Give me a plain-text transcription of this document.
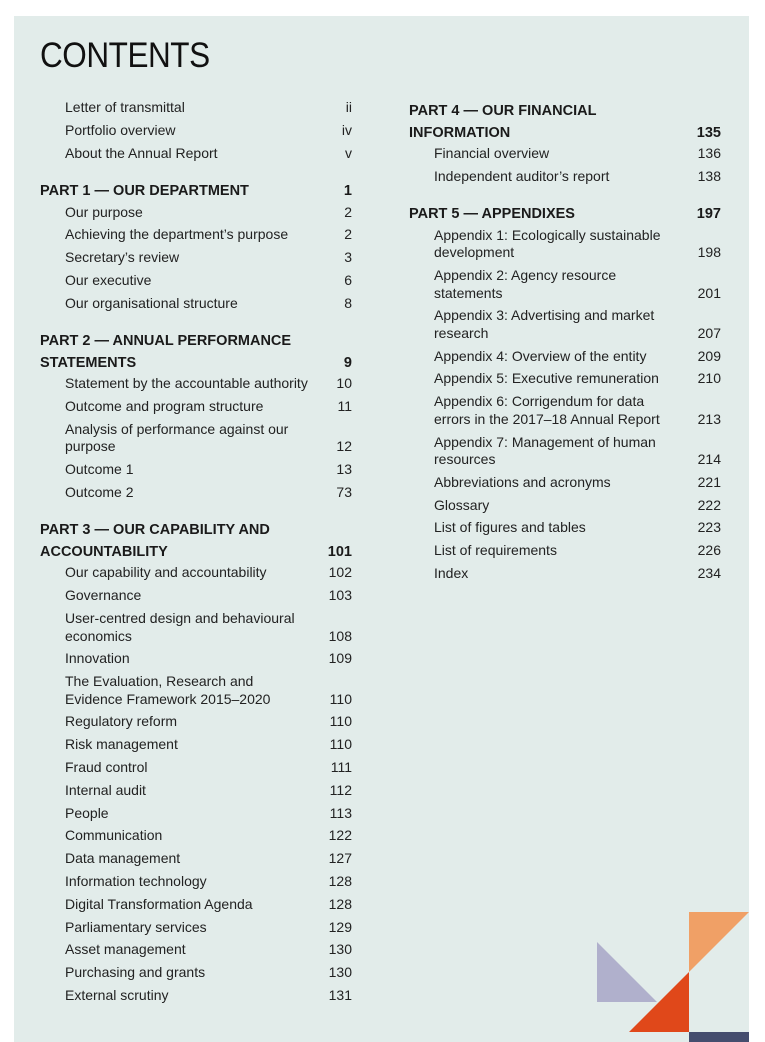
CONTENTS
Letter of transmittal	ii
Portfolio overview	iv
About the Annual Report	v
PART 1 — OUR DEPARTMENT	1
Our purpose	2
Achieving the department’s purpose	2
Secretary’s review	3
Our executive	6
Our organisational structure	8
PART 2 — ANNUAL PERFORMANCE STATEMENTS	9
Statement by the accountable authority 10
Outcome and program structure	11
Analysis of performance against our purpose	12
Outcome 1	13
Outcome 2	73
PART 3 — OUR CAPABILITY AND ACCOUNTABILITY	101
Our capability and accountability	102
Governance	103
User-centred design and behavioural economics	108
Innovation	109
The Evaluation, Research and Evidence Framework 2015–2020	110
Regulatory reform	110
Risk management	110
Fraud control	111
Internal audit	112
People	113
Communication	122
Data management	127
Information technology	128
Digital Transformation Agenda	128
Parliamentary services	129
Asset management	130
Purchasing and grants	130
External scrutiny	131
PART 4 — OUR FINANCIAL INFORMATION	135
Financial overview	136
Independent auditor’s report	138
PART 5 — APPENDIXES	197
Appendix 1: Ecologically sustainable development	198
Appendix 2: Agency resource statements	201
Appendix 3: Advertising and market research	207
Appendix 4: Overview of the entity	209
Appendix 5: Executive remuneration	210
Appendix 6: Corrigendum for data errors in the 2017–18 Annual Report	213
Appendix 7: Management of human resources	214
Abbreviations and acronyms	221
Glossary	222
List of figures and tables	223
List of requirements	226
Index	234
